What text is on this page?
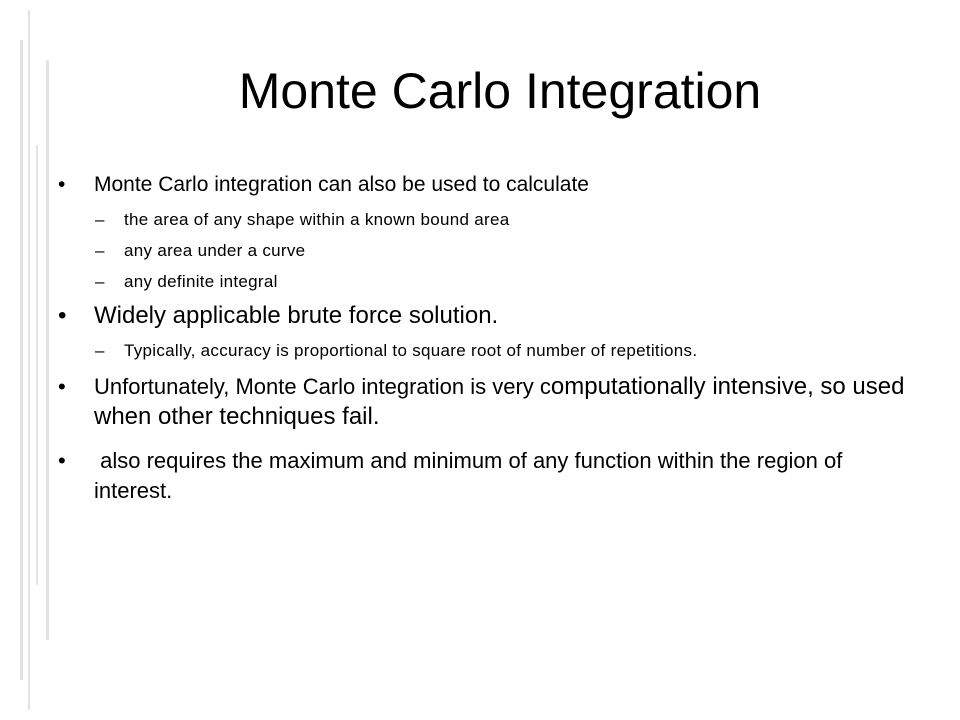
Monte Carlo Integration
• Monte Carlo integration can also be used to calculate
– the area of any shape within a known bound area
– any area under a curve
– any definite integral
• Widely applicable brute force solution.
– Typically, accuracy is proportional to square root of number of repetitions.
• Unfortunately, Monte Carlo integration is very computationally intensive, so used when other techniques fail.
• also requires the maximum and minimum of any function within the region of interest.
